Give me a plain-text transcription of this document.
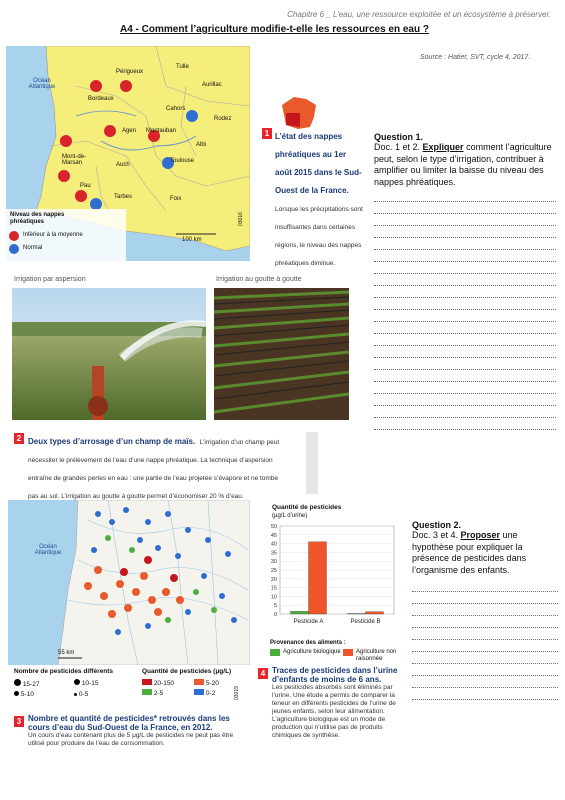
Chapitre 6 _ L’eau, une ressource exploitée et un écosystème à préserver.
A4 - Comment l’agriculture modifie-t-elle les ressources en eau ?
Source : Hatier, SVT, cycle 4, 2017.
Océan Atlantique
Périgueux
Tulle
Aurillac
Bordeaux
Cahors
Rodez
Agen Montauban
Albi
Mont-de-Marsan	Auch
Toulouse
Pau
Tarbes	Foix
Niveau des nappes phréatiques
Inférieur à la moyenne
Normal
100 km
03016
1 L’état des nappes phréatiques au 1er août 2015 dans le Sud-Ouest de la France. Lorsque les précipitations sont insuffisantes dans certaines régions, le niveau des nappes phréatiques diminue.
Irrigation par aspersion	Irrigation au goutte à goutte
2 Deux types d’arrosage d’un champ de maïs. L’irrigation d’un champ peut nécessiter le prélèvement de l’eau d’une nappe phréatique. La technique d’aspersion entraîne de grandes pertes en eau : une partie de l’eau projetée s’évapore et ne tombe pas au sol. L’irrigation au goutte à goutte permet d’économiser 20 % d’eau.
Océan Atlantique
55 km
03019
Nombre de pesticides différents
15-27	10-15
5-10	0-5
Quantité de pesticides (μg/L)
20-150	5-20
2-5	0-2
3 Nombre et quantité de pesticides* retrouvés dans les cours d’eau du Sud-Ouest de la France, en 2012.
Un cours d’eau contenant plus de 5 μg/L de pesticides ne peut pas être utilisé pour produire de l’eau de consommation.
Quantité de pesticides
(μg/L d’urine)
0
5
10
15
20
25
30
35
40
45
50
Pesticide A	Pesticide B
Provenance des aliments :
Agriculture biologique	Agriculture non raisonnée
4 Traces de pesticides dans l’urine d’enfants de moins de 6 ans.
Les pesticides absorbés sont éliminés par l’urine. Une étude a permis de comparer la teneur en différents pesticides de l’urine de jeunes enfants, selon leur alimentation. L’agriculture biologique est un mode de production qui n’utilise pas de produits chimiques de synthèse.
Question 1.
Doc. 1 et 2. Expliquer comment l’agriculture peut, selon le type d’irrigation, contribuer à amplifier ou limiter la baisse du niveau des nappes phréatiques.
Question 2.
Doc. 3 et 4. Proposer une hypothèse pour expliquer la présence de pesticides dans l’organisme des enfants.
